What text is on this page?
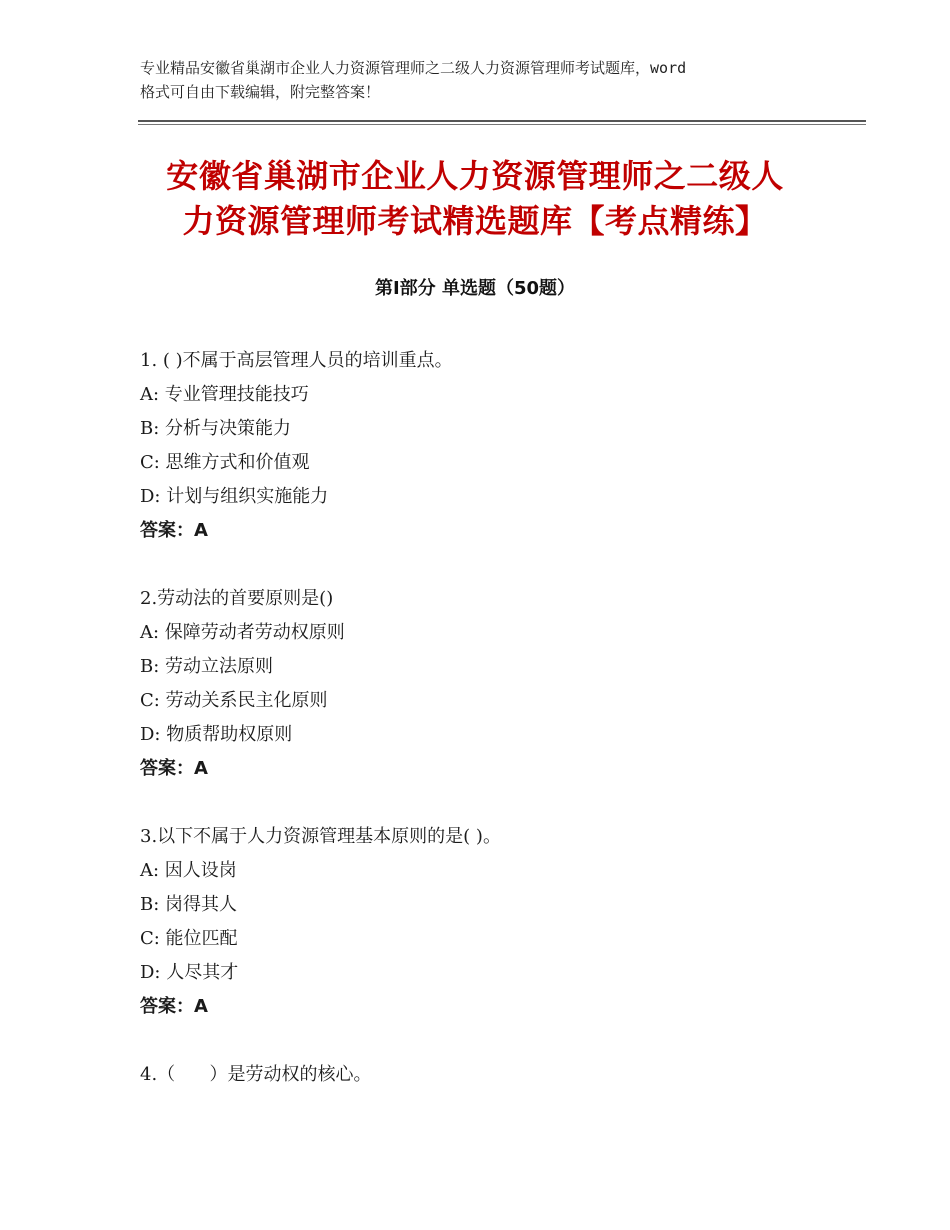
专业精品安徽省巢湖市企业人力资源管理师之二级人力资源管理师考试题库，word
格式可自由下载编辑，附完整答案！
安徽省巢湖市企业人力资源管理师之二级人
力资源管理师考试精选题库【考点精练】
第Ⅰ部分 单选题（50题）
1. ( )不属于高层管理人员的培训重点。
A: 专业管理技能技巧
B: 分析与决策能力
C: 思维方式和价值观
D: 计划与组织实施能力
答案：A
2.劳动法的首要原则是()
A: 保障劳动者劳动权原则
B: 劳动立法原则
C: 劳动关系民主化原则
D: 物质帮助权原则
答案：A
3.以下不属于人力资源管理基本原则的是( )。
A: 因人设岗
B: 岗得其人
C: 能位匹配
D: 人尽其才
答案：A
4.（      ）是劳动权的核心。
